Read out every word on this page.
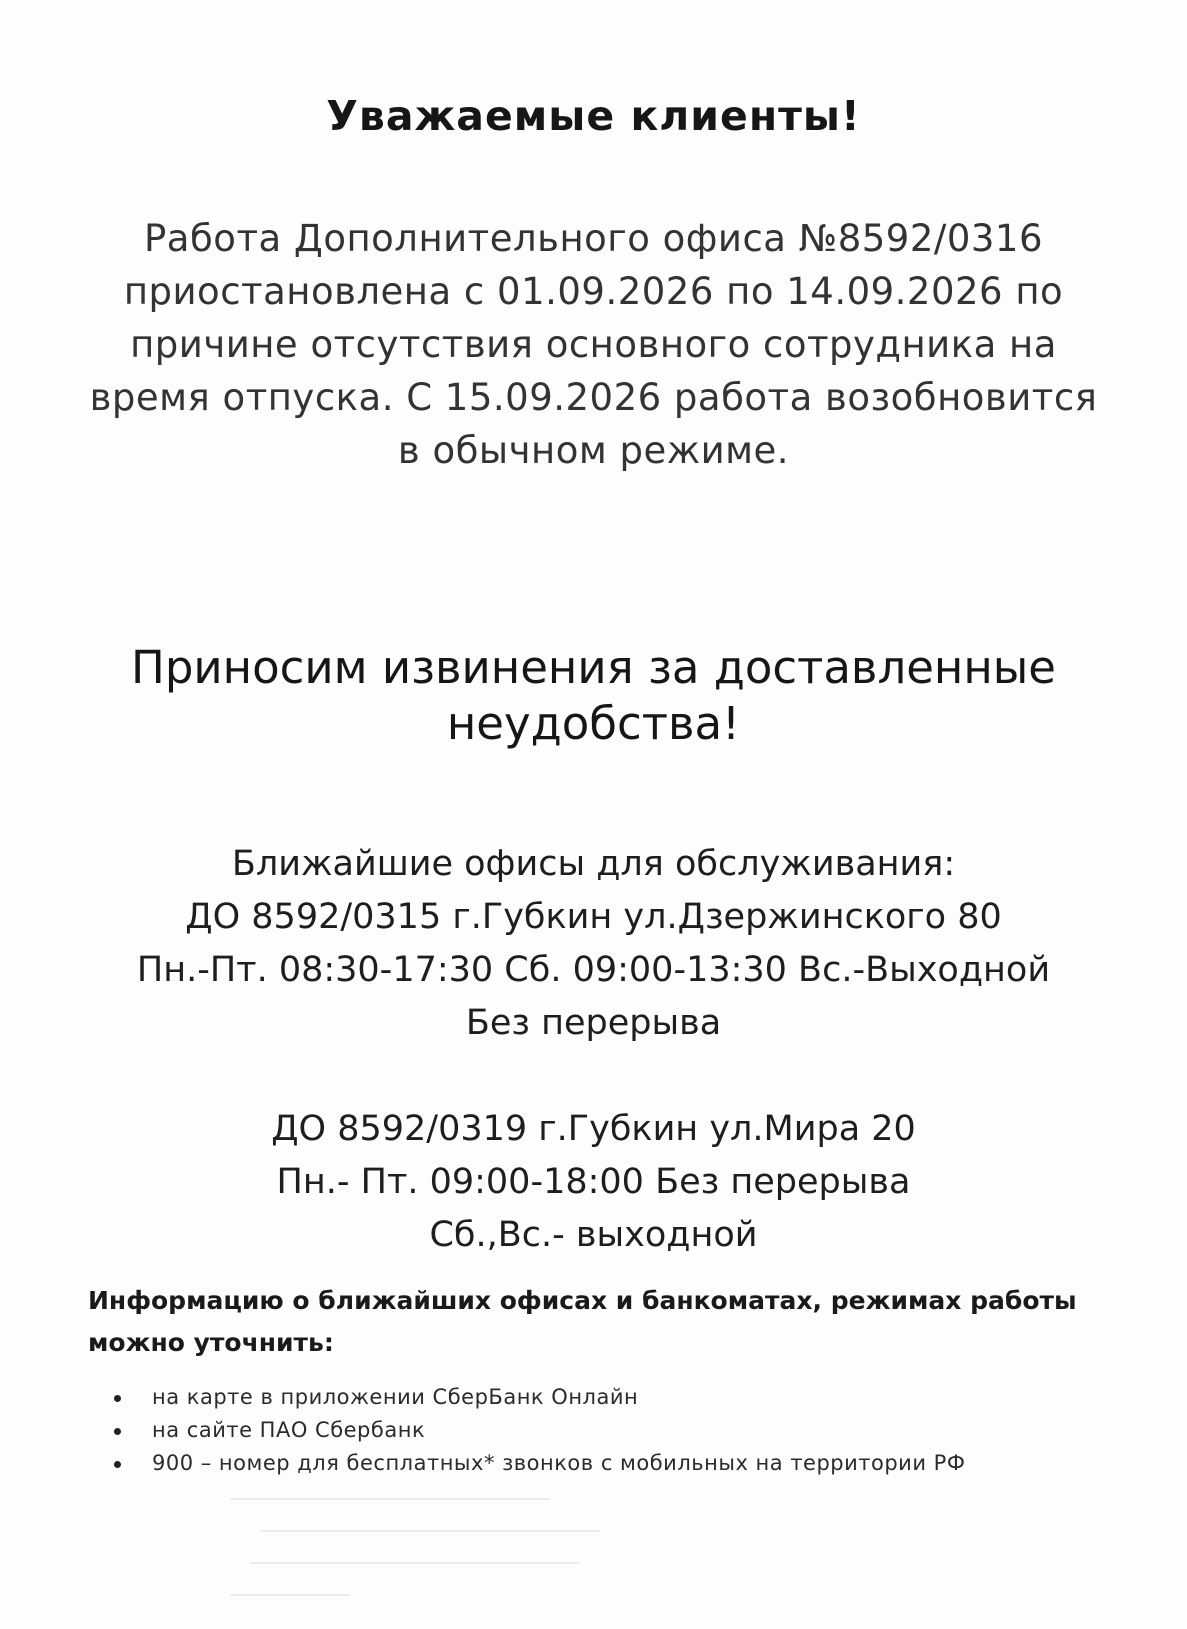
Уважаемые клиенты!
Работа Дополнительного офиса №8592/0316
приостановлена с 01.09.2026 по 14.09.2026 по
причине отсутствия основного сотрудника на
время отпуска. С 15.09.2026 работа возобновится
в обычном режиме.
Приносим извинения за доставленные
неудобства!
Ближайшие офисы для обслуживания:
ДО 8592/0315 г.Губкин ул.Дзержинского 80
Пн.-Пт. 08:30-17:30 Сб. 09:00-13:30 Вс.-Выходной
Без перерыва
ДО 8592/0319 г.Губкин ул.Мира 20
Пн.- Пт. 09:00-18:00 Без перерыва
Сб.,Вс.- выходной
Информацию о ближайших офисах и банкоматах, режимах работы
можно уточнить:
на карте в приложении СберБанк Онлайн
на сайте ПАО Сбербанк
900 – номер для бесплатных* звонков с мобильных на территории РФ
